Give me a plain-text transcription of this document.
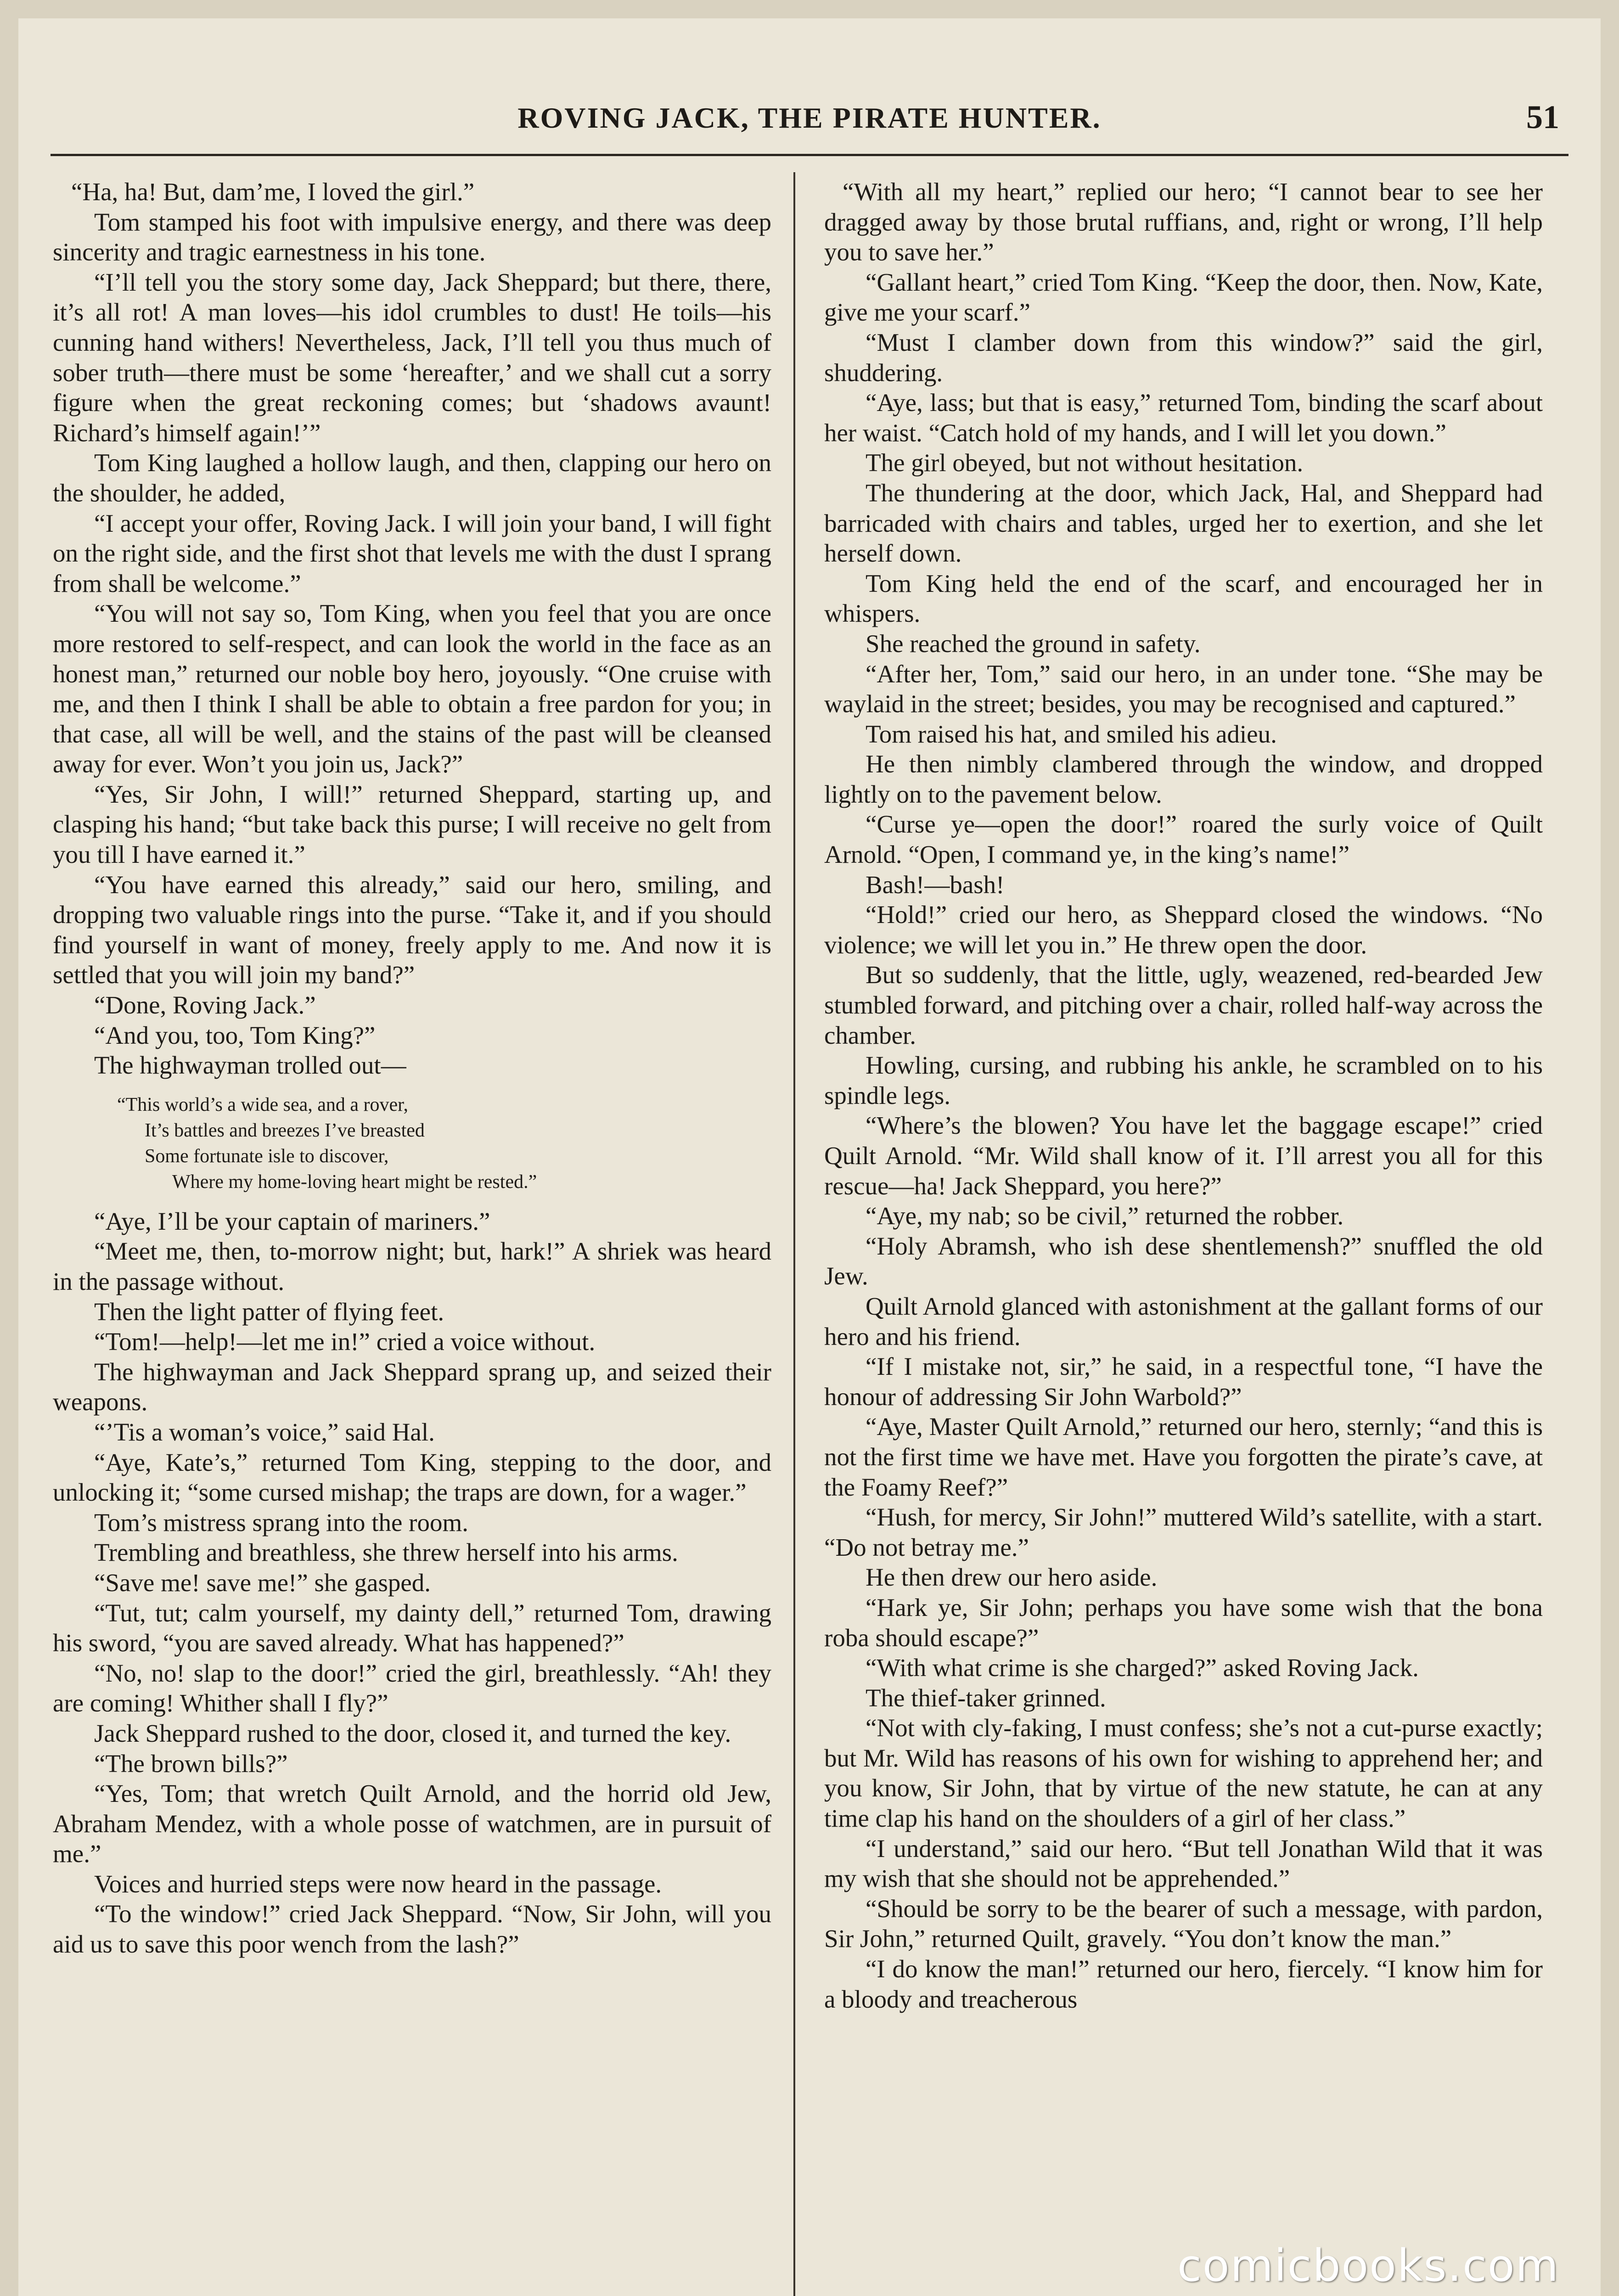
ROVING JACK, THE PIRATE HUNTER.	51

“Ha, ha! But, dam’me, I loved the girl.”

Tom stamped his foot with impulsive energy, and there was deep sincerity and tragic earnestness in his tone.

“I’ll tell you the story some day, Jack Sheppard; but there, there, it’s all rot! A man loves—his idol crumbles to dust! He toils—his cunning hand withers! Nevertheless, Jack, I’ll tell you thus much of sober truth—there must be some ‘hereafter,’ and we shall cut a sorry figure when the great reckoning comes; but ‘shadows avaunt! Richard’s himself again!’”

Tom King laughed a hollow laugh, and then, clapping our hero on the shoulder, he added,

“I accept your offer, Roving Jack. I will join your band, I will fight on the right side, and the first shot that levels me with the dust I sprang from shall be welcome.”

“You will not say so, Tom King, when you feel that you are once more restored to self-respect, and can look the world in the face as an honest man,” returned our noble boy hero, joyously. “One cruise with me, and then I think I shall be able to obtain a free pardon for you; in that case, all will be well, and the stains of the past will be cleansed away for ever. Won’t you join us, Jack?”

“Yes, Sir John, I will!” returned Sheppard, starting up, and clasping his hand; “but take back this purse; I will receive no gelt from you till I have earned it.”

“You have earned this already,” said our hero, smiling, and dropping two valuable rings into the purse. “Take it, and if you should find yourself in want of money, freely apply to me. And now it is settled that you will join my band?”

“Done, Roving Jack.”

“And you, too, Tom King?”

The highwayman trolled out—

“This world’s a wide sea, and a rover,
It’s battles and breezes I’ve breasted
Some fortunate isle to discover,
Where my home-loving heart might be rested.”

“Aye, I’ll be your captain of mariners.”

“Meet me, then, to-morrow night; but, hark!” A shriek was heard in the passage without.

Then the light patter of flying feet.

“Tom!—help!—let me in!” cried a voice without.

The highwayman and Jack Sheppard sprang up, and seized their weapons.

“’Tis a woman’s voice,” said Hal.

“Aye, Kate’s,” returned Tom King, stepping to the door, and unlocking it; “some cursed mishap; the traps are down, for a wager.”

Tom’s mistress sprang into the room.

Trembling and breathless, she threw herself into his arms.

“Save me! save me!” she gasped.

“Tut, tut; calm yourself, my dainty dell,” returned Tom, drawing his sword, “you are saved already. What has happened?”

“No, no! slap to the door!” cried the girl, breathlessly. “Ah! they are coming! Whither shall I fly?”

Jack Sheppard rushed to the door, closed it, and turned the key.

“The brown bills?”

“Yes, Tom; that wretch Quilt Arnold, and the horrid old Jew, Abraham Mendez, with a whole posse of watchmen, are in pursuit of me.”

Voices and hurried steps were now heard in the passage.

“To the window!” cried Jack Sheppard. “Now, Sir John, will you aid us to save this poor wench from the lash?”

“With all my heart,” replied our hero; “I cannot bear to see her dragged away by those brutal ruffians, and, right or wrong, I’ll help you to save her.”

“Gallant heart,” cried Tom King. “Keep the door, then. Now, Kate, give me your scarf.”

“Must I clamber down from this window?” said the girl, shuddering.

“Aye, lass; but that is easy,” returned Tom, binding the scarf about her waist. “Catch hold of my hands, and I will let you down.”

The girl obeyed, but not without hesitation.

The thundering at the door, which Jack, Hal, and Sheppard had barricaded with chairs and tables, urged her to exertion, and she let herself down.

Tom King held the end of the scarf, and encouraged her in whispers.

She reached the ground in safety.

“After her, Tom,” said our hero, in an under tone. “She may be waylaid in the street; besides, you may be recognised and captured.”

Tom raised his hat, and smiled his adieu.

He then nimbly clambered through the window, and dropped lightly on to the pavement below.

“Curse ye—open the door!” roared the surly voice of Quilt Arnold. “Open, I command ye, in the king’s name!”

Bash!—bash!

“Hold!” cried our hero, as Sheppard closed the windows. “No violence; we will let you in.” He threw open the door.

But so suddenly, that the little, ugly, weazened, red-bearded Jew stumbled forward, and pitching over a chair, rolled half-way across the chamber.

Howling, cursing, and rubbing his ankle, he scrambled on to his spindle legs.

“Where’s the blowen? You have let the baggage escape!” cried Quilt Arnold. “Mr. Wild shall know of it. I’ll arrest you all for this rescue—ha! Jack Sheppard, you here?”

“Aye, my nab; so be civil,” returned the robber.

“Holy Abramsh, who ish dese shentlemensh?” snuffled the old Jew.

Quilt Arnold glanced with astonishment at the gallant forms of our hero and his friend.

“If I mistake not, sir,” he said, in a respectful tone, “I have the honour of addressing Sir John Warbold?”

“Aye, Master Quilt Arnold,” returned our hero, sternly; “and this is not the first time we have met. Have you forgotten the pirate’s cave, at the Foamy Reef?”

“Hush, for mercy, Sir John!” muttered Wild’s satellite, with a start. “Do not betray me.”

He then drew our hero aside.

“Hark ye, Sir John; perhaps you have some wish that the bona roba should escape?”

“With what crime is she charged?” asked Roving Jack.

The thief-taker grinned.

“Not with cly-faking, I must confess; she’s not a cut-purse exactly; but Mr. Wild has reasons of his own for wishing to apprehend her; and you know, Sir John, that by virtue of the new statute, he can at any time clap his hand on the shoulders of a girl of her class.”

“I understand,” said our hero. “But tell Jonathan Wild that it was my wish that she should not be apprehended.”

“Should be sorry to be the bearer of such a message, with pardon, Sir John,” returned Quilt, gravely. “You don’t know the man.”

“I do know the man!” returned our hero, fiercely. “I know him for a bloody and treacherous

comicbooks.com
